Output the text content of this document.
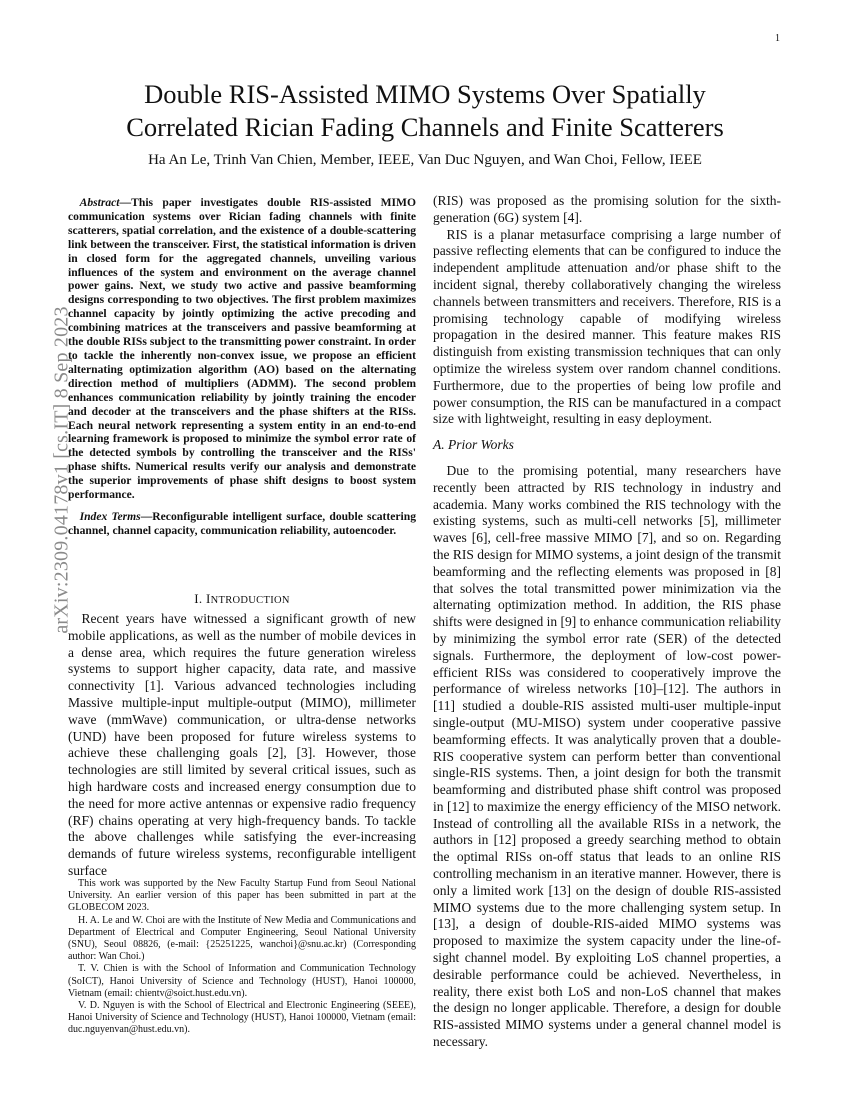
1
arXiv:2309.04178v1 [cs.IT] 8 Sep 2023
Double RIS-Assisted MIMO Systems Over Spatially
Correlated Rician Fading Channels and Finite Scatterers

Ha An Le, Trinh Van Chien, Member, IEEE, Van Duc Nguyen, and Wan Choi, Fellow, IEEE

Abstract—This paper investigates double RIS-assisted MIMO communication systems over Rician fading channels with finite scatterers, spatial correlation, and the existence of a double-scattering link between the transceiver. First, the statistical information is driven in closed form for the aggregated channels, unveiling various influences of the system and environment on the average channel power gains. Next, we study two active and passive beamforming designs corresponding to two objectives. The first problem maximizes channel capacity by jointly optimizing the active precoding and combining matrices at the transceivers and passive beamforming at the double RISs subject to the transmitting power constraint. In order to tackle the inherently non-convex issue, we propose an efficient alternating optimization algorithm (AO) based on the alternating direction method of multipliers (ADMM). The second problem enhances communication reliability by jointly training the encoder and decoder at the transceivers and the phase shifters at the RISs. Each neural network representing a system entity in an end-to-end learning framework is proposed to minimize the symbol error rate of the detected symbols by controlling the transceiver and the RISs' phase shifts. Numerical results verify our analysis and demonstrate the superior improvements of phase shift designs to boost system performance.

Index Terms—Reconfigurable intelligent surface, double scattering channel, channel capacity, communication reliability, autoencoder.

I. INTRODUCTION

Recent years have witnessed a significant growth of new mobile applications, as well as the number of mobile devices in a dense area, which requires the future generation wireless systems to support higher capacity, data rate, and massive connectivity [1]. Various advanced technologies including Massive multiple-input multiple-output (MIMO), millimeter wave (mmWave) communication, or ultra-dense networks (UND) have been proposed for future wireless systems to achieve these challenging goals [2], [3]. However, those technologies are still limited by several critical issues, such as high hardware costs and increased energy consumption due to the need for more active antennas or expensive radio frequency (RF) chains operating at very high-frequency bands. To tackle the above challenges while satisfying the ever-increasing demands of future wireless systems, reconfigurable intelligent surface

This work was supported by the New Faculty Startup Fund from Seoul National University. An earlier version of this paper has been submitted in part at the GLOBECOM 2023.

H. A. Le and W. Choi are with the Institute of New Media and Communications and Department of Electrical and Computer Engineering, Seoul National University (SNU), Seoul 08826, (e-mail: {25251225, wanchoi}@snu.ac.kr) (Corresponding author: Wan Choi.)

T. V. Chien is with the School of Information and Communication Technology (SoICT), Hanoi University of Science and Technology (HUST), Hanoi 100000, Vietnam (email: chientv@soict.hust.edu.vn).

V. D. Nguyen is with the School of Electrical and Electronic Engineering (SEEE), Hanoi University of Science and Technology (HUST), Hanoi 100000, Vietnam (email: duc.nguyenvan@hust.edu.vn).

(RIS) was proposed as the promising solution for the sixth-generation (6G) system [4].

RIS is a planar metasurface comprising a large number of passive reflecting elements that can be configured to induce the independent amplitude attenuation and/or phase shift to the incident signal, thereby collaboratively changing the wireless channels between transmitters and receivers. Therefore, RIS is a promising technology capable of modifying wireless propagation in the desired manner. This feature makes RIS distinguish from existing transmission techniques that can only optimize the wireless system over random channel conditions. Furthermore, due to the properties of being low profile and power consumption, the RIS can be manufactured in a compact size with lightweight, resulting in easy deployment.

A. Prior Works

Due to the promising potential, many researchers have recently been attracted by RIS technology in industry and academia. Many works combined the RIS technology with the existing systems, such as multi-cell networks [5], millimeter waves [6], cell-free massive MIMO [7], and so on. Regarding the RIS design for MIMO systems, a joint design of the transmit beamforming and the reflecting elements was proposed in [8] that solves the total transmitted power minimization via the alternating optimization method. In addition, the RIS phase shifts were designed in [9] to enhance communication reliability by minimizing the symbol error rate (SER) of the detected signals. Furthermore, the deployment of low-cost power-efficient RISs was considered to cooperatively improve the performance of wireless networks [10]–[12]. The authors in [11] studied a double-RIS assisted multi-user multiple-input single-output (MU-MISO) system under cooperative passive beamforming effects. It was analytically proven that a double-RIS cooperative system can perform better than conventional single-RIS systems. Then, a joint design for both the transmit beamforming and distributed phase shift control was proposed in [12] to maximize the energy efficiency of the MISO network. Instead of controlling all the available RISs in a network, the authors in [12] proposed a greedy searching method to obtain the optimal RISs on-off status that leads to an online RIS controlling mechanism in an iterative manner. However, there is only a limited work [13] on the design of double RIS-assisted MIMO systems due to the more challenging system setup. In [13], a design of double-RIS-aided MIMO systems was proposed to maximize the system capacity under the line-of-sight channel model. By exploiting LoS channel properties, a desirable performance could be achieved. Nevertheless, in reality, there exist both LoS and non-LoS channel that makes the design no longer applicable. Therefore, a design for double RIS-assisted MIMO systems under a general channel model is necessary.
